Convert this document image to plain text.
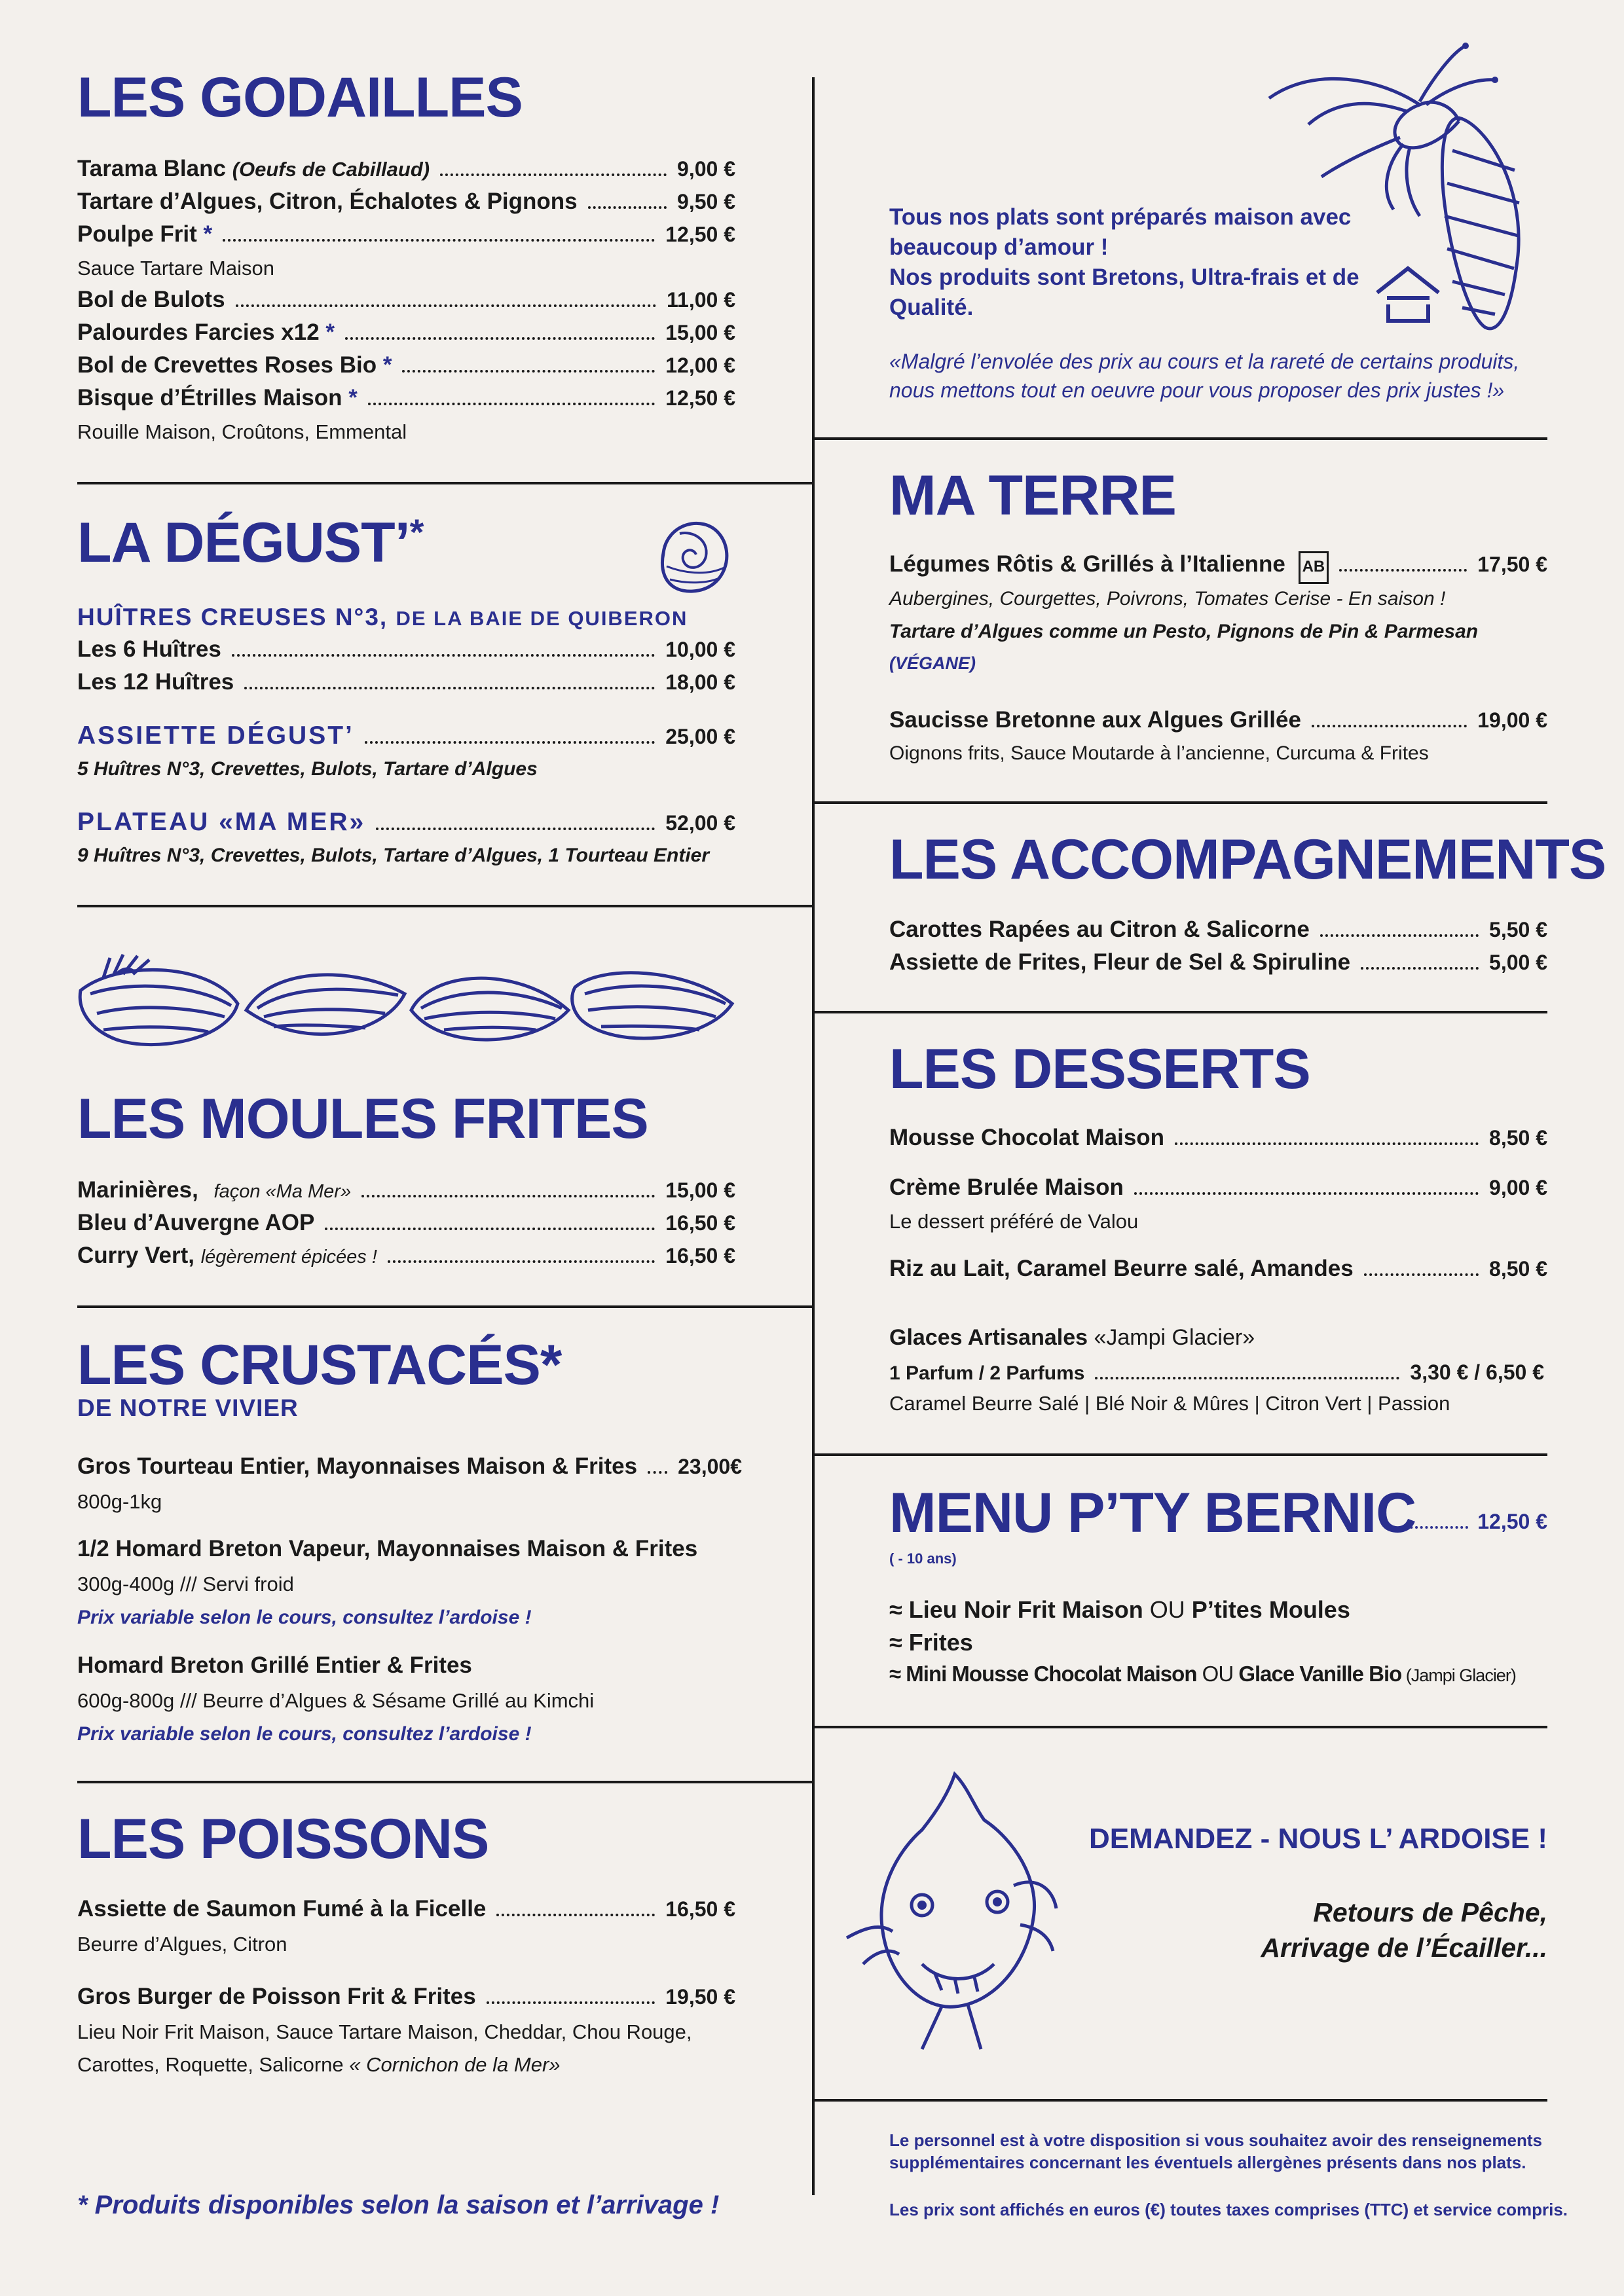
LES GODAILLES
Tarama Blanc (Oeufs de Cabillaud)	9,00 €
Tartare d’Algues, Citron, Échalotes & Pignons	9,50 €
Poulpe Frit *	12,50 €
Sauce Tartare Maison
Bol de Bulots	11,00 €
Palourdes Farcies x12 *	15,00 €
Bol de Crevettes Roses Bio *	12,00 €
Bisque d’Étrilles Maison *	12,50 €
Rouille Maison, Croûtons, Emmental
LA DÉGUST’*
HUÎTRES CREUSES N°3, DE LA BAIE DE QUIBERON
Les 6 Huîtres	10,00 €
Les 12 Huîtres	18,00 €
ASSIETTE DÉGUST’	25,00 €
5 Huîtres N°3, Crevettes, Bulots, Tartare d’Algues
PLATEAU «MA MER»	52,00 €
9 Huîtres N°3, Crevettes, Bulots, Tartare d’Algues, 1 Tourteau Entier
LES MOULES FRITES
Marinières, façon «Ma Mer»	15,00 €
Bleu d’Auvergne AOP	16,50 €
Curry Vert, légèrement épicées !	16,50 €
LES CRUSTACÉS*
DE NOTRE VIVIER
Gros Tourteau Entier, Mayonnaises Maison & Frites 23,00€
800g-1kg
1/2 Homard Breton Vapeur, Mayonnaises Maison & Frites
300g-400g /// Servi froid
Prix variable selon le cours, consultez l’ardoise !
Homard Breton Grillé Entier & Frites
600g-800g /// Beurre d’Algues & Sésame Grillé au Kimchi
Prix variable selon le cours, consultez l’ardoise !
LES POISSONS
Assiette de Saumon Fumé à la Ficelle	16,50 €
Beurre d’Algues, Citron
Gros Burger de Poisson Frit & Frites	19,50 €
Lieu Noir Frit Maison, Sauce Tartare Maison, Cheddar, Chou Rouge,
Carottes, Roquette, Salicorne « Cornichon de la Mer»
* Produits disponibles selon la saison et l’arrivage !
Tous nos plats sont préparés maison avec
beaucoup d’amour !
Nos produits sont Bretons, Ultra-frais et de
Qualité.
«Malgré l’envolée des prix au cours et la rareté de certains produits,
nous mettons tout en oeuvre pour vous proposer des prix justes !»
MA TERRE
Légumes Rôtis & Grillés à l’Italienne AB	17,50 €
Aubergines, Courgettes, Poivrons, Tomates Cerise - En saison !
Tartare d’Algues comme un Pesto, Pignons de Pin & Parmesan
(VÉGANE)
Saucisse Bretonne aux Algues Grillée	19,00 €
Oignons frits, Sauce Moutarde à l’ancienne, Curcuma & Frites
LES ACCOMPAGNEMENTS
Carottes Rapées au Citron & Salicorne	5,50 €
Assiette de Frites, Fleur de Sel & Spiruline	5,00 €
LES DESSERTS
Mousse Chocolat Maison	8,50 €
Crème Brulée Maison	9,00 €
Le dessert préféré de Valou
Riz au Lait, Caramel Beurre salé, Amandes	8,50 €
Glaces Artisanales «Jampi Glacier»
1 Parfum / 2 Parfums	3,30 € / 6,50 €
Caramel Beurre Salé | Blé Noir & Mûres | Citron Vert | Passion
MENU P’TY BERNIC	12,50 €
( - 10 ans)
≈ Lieu Noir Frit Maison OU P’tites Moules
≈ Frites
≈ Mini Mousse Chocolat Maison OU Glace Vanille Bio (Jampi Glacier)
DEMANDEZ - NOUS L’ ARDOISE !
Retours de Pêche,
Arrivage de l’Écailler...
Le personnel est à votre disposition si vous souhaitez avoir des renseignements
supplémentaires concernant les éventuels allergènes présents dans nos plats.
Les prix sont affichés en euros (€) toutes taxes comprises (TTC) et service compris.
